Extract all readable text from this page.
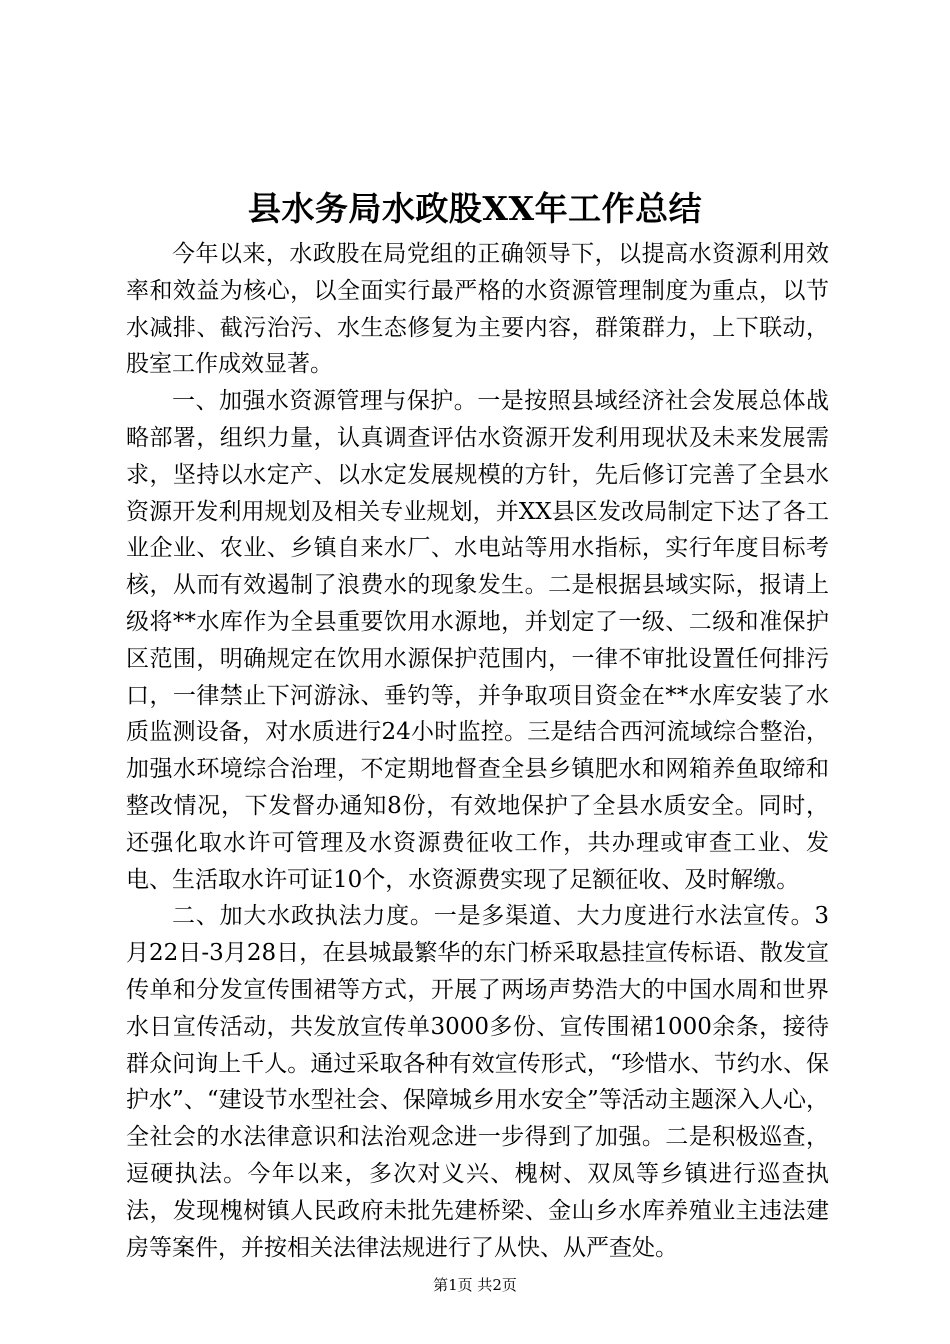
县水务局水政股XX年工作总结

今年以来，水政股在局党组的正确领导下，以提高水资源利用效率和效益为核心，以全面实行最严格的水资源管理制度为重点，以节水减排、截污治污、水生态修复为主要内容，群策群力，上下联动，股室工作成效显著。

一、加强水资源管理与保护。一是按照县域经济社会发展总体战略部署，组织力量，认真调查评估水资源开发利用现状及未来发展需求，坚持以水定产、以水定发展规模的方针，先后修订完善了全县水资源开发利用规划及相关专业规划，并XX县区发改局制定下达了各工业企业、农业、乡镇自来水厂、水电站等用水指标，实行年度目标考核，从而有效遏制了浪费水的现象发生。二是根据县域实际，报请上级将**水库作为全县重要饮用水源地，并划定了一级、二级和准保护区范围，明确规定在饮用水源保护范围内，一律不审批设置任何排污口，一律禁止下河游泳、垂钓等，并争取项目资金在**水库安装了水质监测设备，对水质进行24小时监控。三是结合西河流域综合整治，加强水环境综合治理，不定期地督查全县乡镇肥水和网箱养鱼取缔和整改情况，下发督办通知8份，有效地保护了全县水质安全。同时，还强化取水许可管理及水资源费征收工作，共办理或审查工业、发电、生活取水许可证10个，水资源费实现了足额征收、及时解缴。

二、加大水政执法力度。一是多渠道、大力度进行水法宣传。3月22日-3月28日，在县城最繁华的东门桥采取悬挂宣传标语、散发宣传单和分发宣传围裙等方式，开展了两场声势浩大的中国水周和世界水日宣传活动，共发放宣传单3000多份、宣传围裙1000余条，接待群众问询上千人。通过采取各种有效宣传形式，“珍惜水、节约水、保护水”、“建设节水型社会、保障城乡用水安全”等活动主题深入人心，全社会的水法律意识和法治观念进一步得到了加强。二是积极巡查，逗硬执法。今年以来，多次对义兴、槐树、双凤等乡镇进行巡查执法，发现槐树镇人民政府未批先建桥梁、金山乡水库养殖业主违法建房等案件，并按相关法律法规进行了从快、从严查处。

第1页 共2页
